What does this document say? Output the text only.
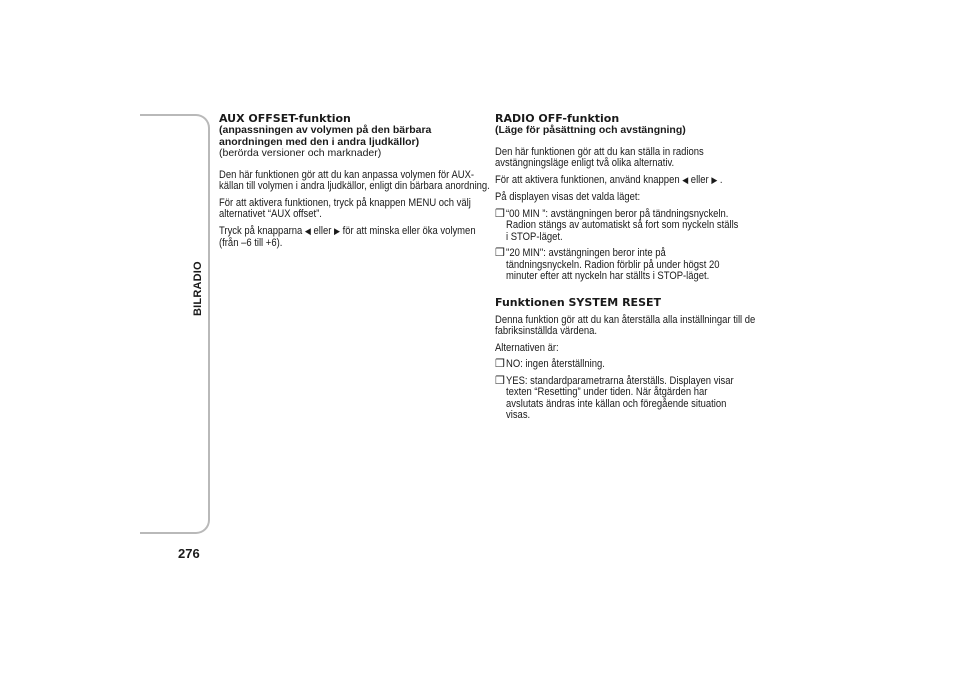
BILRADIO
276
AUX OFFSET-funktion
(anpassningen av volymen på den bärbara
anordningen med den i andra ljudkällor)
(berörda versioner och marknader)

Den här funktionen gör att du kan anpassa volymen för AUX-källan till volymen i andra ljudkällor, enligt din bärbara anordning.

För att aktivera funktionen, tryck på knappen MENU och välj alternativet “AUX offset”.

Tryck på knapparna ◀ eller ▶ för att minska eller öka volymen (från –6 till +6).

RADIO OFF-funktion
(Läge för påsättning och avstängning)

Den här funktionen gör att du kan ställa in radions avstängningsläge enligt två olika alternativ.

För att aktivera funktionen, använd knappen ◀ eller ▶ .

På displayen visas det valda läget:

❒ “00 MIN ”: avstängningen beror på tändningsnyckeln. Radion stängs av automatiskt så fort som nyckeln ställs i STOP-läget.
❒ "20 MIN": avstängningen beror inte på tändningsnyckeln. Radion förblir på under högst 20 minuter efter att nyckeln har ställts i STOP-läget.
Funktionen SYSTEM RESET

Denna funktion gör att du kan återställa alla inställningar till de fabriksinställda värdena.

Alternativen är:

❒ NO: ingen återställning.
❒ YES: standardparametrarna återställs. Displayen visar texten “Resetting” under tiden. När åtgärden har avslutats ändras inte källan och föregående situation visas.
